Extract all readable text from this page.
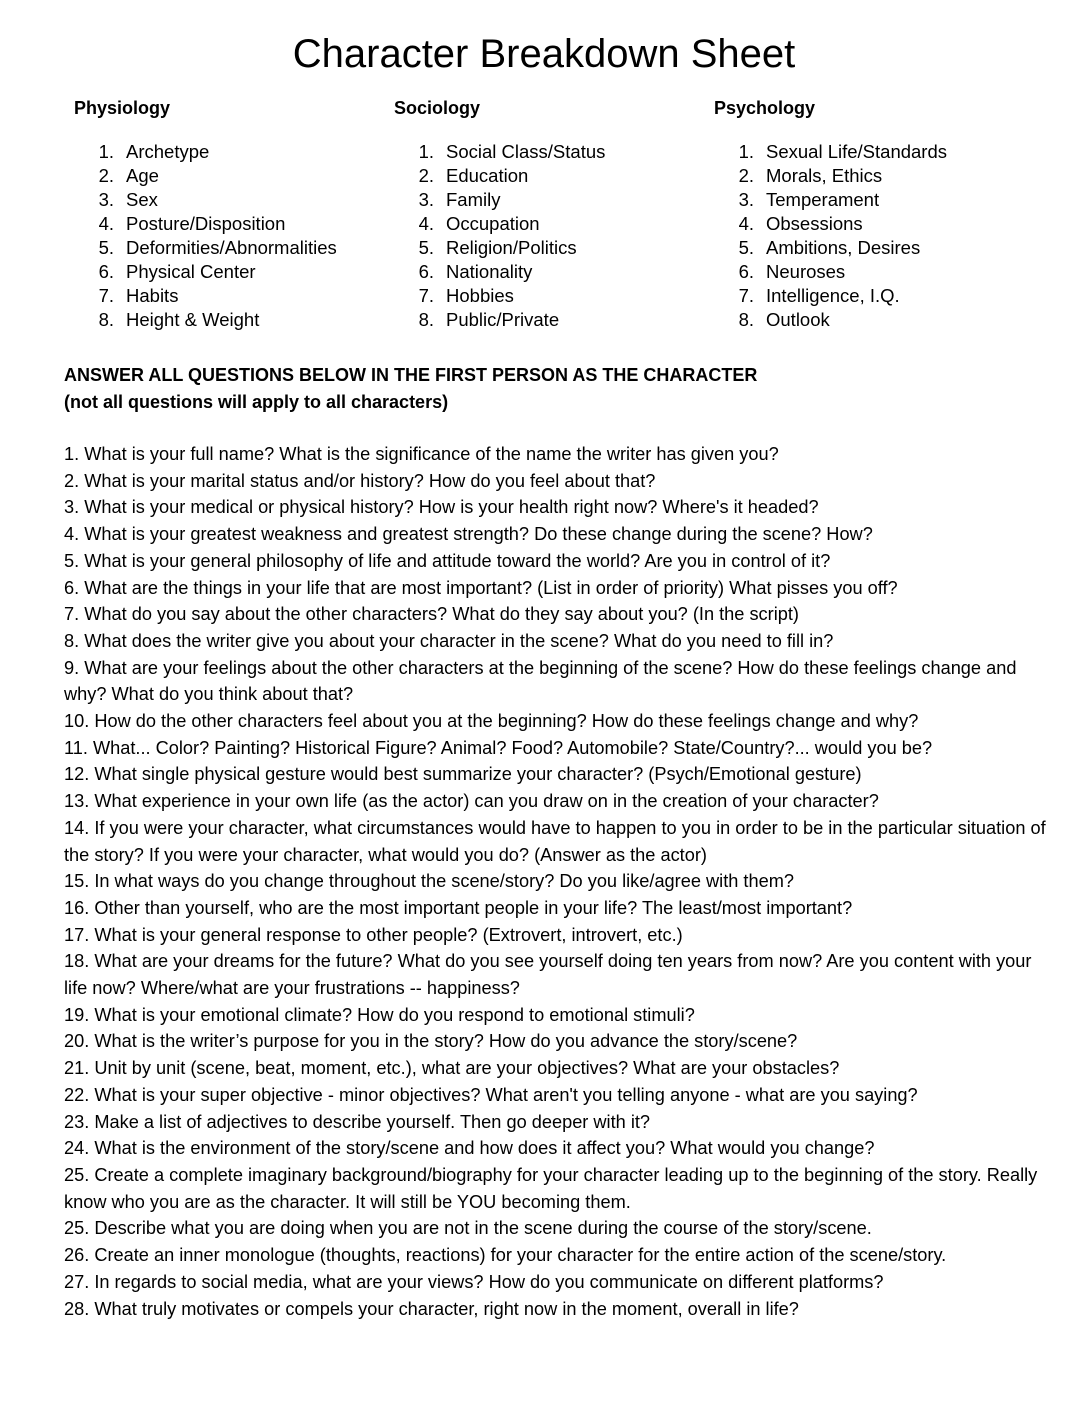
Character Breakdown Sheet
Physiology
1. Archetype
2. Age
3. Sex
4. Posture/Disposition
5. Deformities/Abnormalities
6. Physical Center
7. Habits
8. Height & Weight
Sociology
1. Social Class/Status
2. Education
3. Family
4. Occupation
5. Religion/Politics
6. Nationality
7. Hobbies
8. Public/Private
Psychology
1. Sexual Life/Standards
2. Morals, Ethics
3. Temperament
4. Obsessions
5. Ambitions, Desires
6. Neuroses
7. Intelligence, I.Q.
8. Outlook
ANSWER ALL QUESTIONS BELOW IN THE FIRST PERSON AS THE CHARACTER
(not all questions will apply to all characters)
1. What is your full name? What is the significance of the name the writer has given you?
2. What is your marital status and/or history? How do you feel about that?
3. What is your medical or physical history? How is your health right now? Where's it headed?
4. What is your greatest weakness and greatest strength? Do these change during the scene? How?
5. What is your general philosophy of life and attitude toward the world? Are you in control of it?
6. What are the things in your life that are most important? (List in order of priority) What pisses you off?
7. What do you say about the other characters? What do they say about you? (In the script)
8. What does the writer give you about your character in the scene? What do you need to fill in?
9. What are your feelings about the other characters at the beginning of the scene? How do these feelings change and why? What do you think about that?
10. How do the other characters feel about you at the beginning? How do these feelings change and why?
11. What... Color? Painting? Historical Figure? Animal? Food? Automobile? State/Country?... would you be?
12. What single physical gesture would best summarize your character? (Psych/Emotional gesture)
13. What experience in your own life (as the actor) can you draw on in the creation of your character?
14. If you were your character, what circumstances would have to happen to you in order to be in the particular situation of the story? If you were your character, what would you do? (Answer as the actor)
15. In what ways do you change throughout the scene/story? Do you like/agree with them?
16. Other than yourself, who are the most important people in your life? The least/most important?
17. What is your general response to other people? (Extrovert, introvert, etc.)
18. What are your dreams for the future? What do you see yourself doing ten years from now? Are you content with your life now? Where/what are your frustrations -- happiness?
19. What is your emotional climate? How do you respond to emotional stimuli?
20. What is the writer’s purpose for you in the story? How do you advance the story/scene?
21. Unit by unit (scene, beat, moment, etc.), what are your objectives? What are your obstacles?
22. What is your super objective - minor objectives? What aren't you telling anyone - what are you saying?
23. Make a list of adjectives to describe yourself. Then go deeper with it?
24. What is the environment of the story/scene and how does it affect you? What would you change?
25. Create a complete imaginary background/biography for your character leading up to the beginning of the story. Really know who you are as the character. It will still be YOU becoming them.
25. Describe what you are doing when you are not in the scene during the course of the story/scene.
26. Create an inner monologue (thoughts, reactions) for your character for the entire action of the scene/story.
27. In regards to social media, what are your views? How do you communicate on different platforms?
28. What truly motivates or compels your character, right now in the moment, overall in life?
